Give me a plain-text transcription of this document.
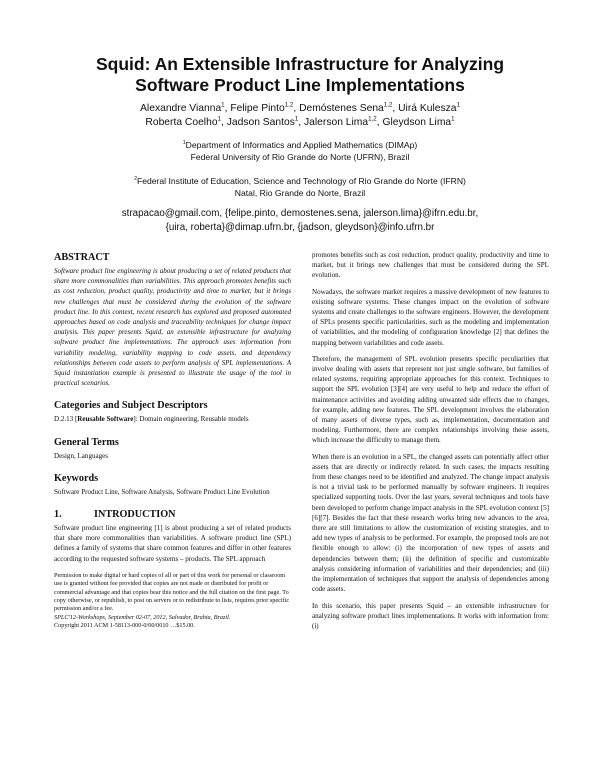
Squid: An Extensible Infrastructure for Analyzing
Software Product Line Implementations
Alexandre Vianna$^1$, Felipe Pinto$^{1,2}$, Demóstenes Sena$^{1,2}$, Uirá Kulesza$^1$
Roberta Coelho$^1$, Jadson Santos$^1$, Jalerson Lima$^{1,2}$, Gleydson Lima$^1$
$^1$Department of Informatics and Applied Mathematics (DIMAp)
Federal University of Rio Grande do Norte (UFRN), Brazil
$^2$Federal Institute of Education, Science and Technology of Rio Grande do Norte (IFRN)
Natal, Rio Grande do Norte, Brazil
strapacao@gmail.com, {felipe.pinto, demostenes.sena, jalerson.lima}@ifrn.edu.br,
{uira, roberta}@dimap.ufrn.br, {jadson, gleydson}@info.ufrn.br
ABSTRACT
Software product line engineering is about producing a set of related products that share more commonalities than variabilities. This approach promotes benefits such as cost reduction, product quality, productivity and time to market, but it brings new challenges that must be considered during the evolution of the software product line. In this context, recent research has explored and proposed automated approaches based on code analysis and traceability techniques for change impact analysis. This paper presents Squid, an extensible infrastructure for analyzing software product line implementations. The approach uses information from variability modeling, variability mapping to code assets, and dependency relationships between code assets to perform analysis of SPL implementations. A Squid instantiation example is presented to illustrate the usage of the tool in practical scenarios.
Categories and Subject Descriptors
D.2.13 [Reusable Software]: Domain engineering, Reusable models
General Terms
Design, Languages
Keywords
Software Product Line, Software Analysis, Software Product Line Evolution
1.	INTRODUCTION
Software product line engineering [1] is about producing a set of related products that share more commonalities than variabilities. A software product line (SPL) defines a family of systems that share common features and differ in other features according to the requested software systems – products. The SPL approach
Permission to make digital or hard copies of all or part of this work for personal or classroom use is granted without fee provided that copies are not made or distributed for profit or commercial advantage and that copies bear this notice and the full citation on the first page. To copy otherwise, or republish, to post on servers or to redistribute to lists, requires prior specific permission and/or a fee.
SPLC'12-Workshops, September 02-07, 2012, Salvador, Brahia, Brazil.
Copyright 2011 ACM 1-58113-000-0/00/0010 …$15.00.
promotes benefits such as cost reduction, product quality, productivity and time to market, but it brings new challenges that must be considered during the SPL evolution.
Nowadays, the software market requires a massive development of new features to existing software systems. These changes impact on the evolution of software systems and create challenges to the software engineers. However, the development of SPLs presents specific particularities, such as the modeling and implementation of variabilities, and the modeling of configuration knowledge [2] that defines the mapping between variabilities and code assets.
Therefore, the management of SPL evolution presents specific peculiarities that involve dealing with assets that represent not just single software, but families of related systems, requiring appropriate approaches for this context. Techniques to support the SPL evolution [3][4] are very useful to help and reduce the effort of maintenance activities and avoiding adding unwanted side effects due to changes, for example, adding new features. The SPL development involves the elaboration of many assets of diverse types, such as, implementation, documentation and modeling. Furthermore, there are complex relationships involving these assets, which increase the difficulty to manage them.
When there is an evolution in a SPL, the changed assets can potentially affect other assets that are directly or indirectly related. In such cases, the impacts resulting from these changes need to be identified and analyzed. The change impact analysis is not a trivial task to be performed manually by software engineers. It requires specialized supporting tools. Over the last years, several techniques and tools have been developed to perform change impact analysis in the SPL evolution context [5][6][7]. Besides the fact that these research works bring new advances to the area, there are still limitations to allow the customization of existing strategies, and to add new types of analysis to be performed. For example, the proposed tools are not flexible enough to allow: (i) the incorporation of new types of assets and dependencies between them; (ii) the definition of specific and customizable analysis considering information of variabilities and their dependencies; and (iii) the implementation of techniques that support the analysis of dependencies among code assets.
In this scenario, this paper presents Squid – an extensible infrastructure for analyzing software product lines implementations. It works with information from: (i)
